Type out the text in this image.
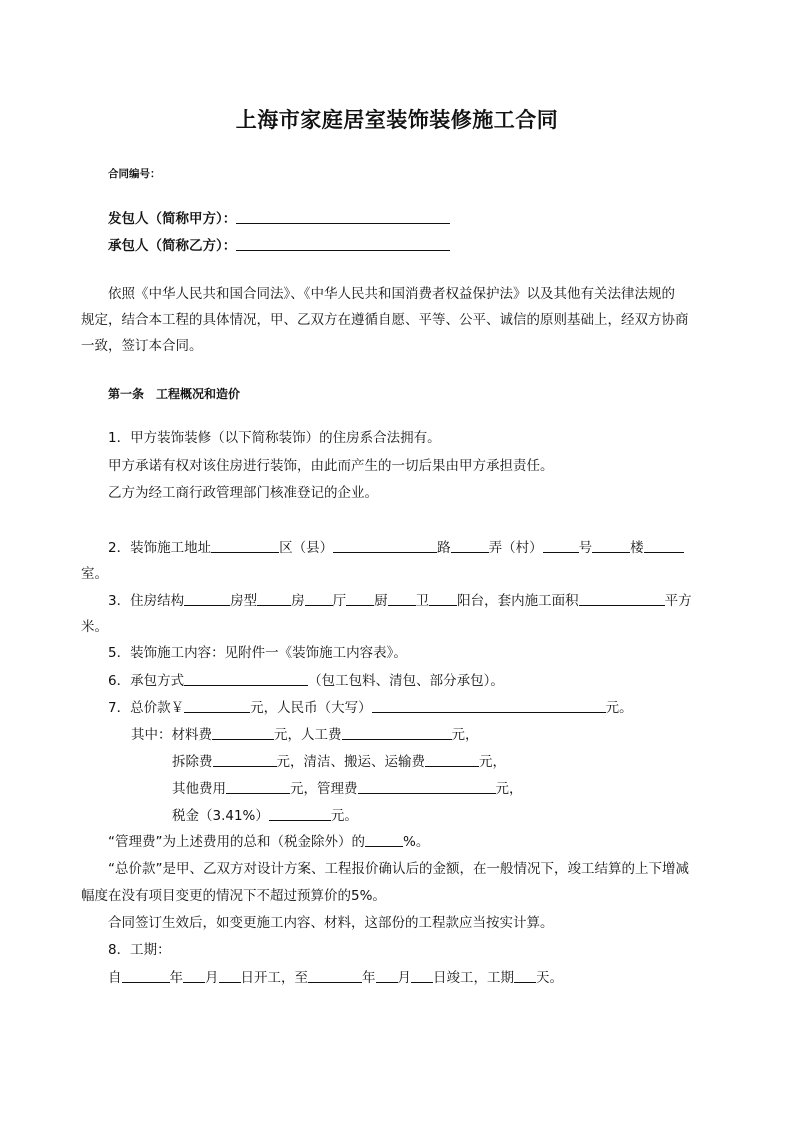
上海市家庭居室装饰装修施工合同
合同编号：
发包人（简称甲方）：
承包人（简称乙方）：
依照《中华人民共和国合同法》、《中华人民共和国消费者权益保护法》以及其他有关法律法规的
规定，结合本工程的具体情况，甲、乙双方在遵循自愿、平等、公平、诚信的原则基础上，经双方协商
一致，签订本合同。
第一条　工程概况和造价
1．甲方装饰装修（以下简称装饰）的住房系合法拥有。
甲方承诺有权对该住房进行装饰，由此而产生的一切后果由甲方承担责任。
乙方为经工商行政管理部门核准登记的企业。
2．装饰施工地址	区（县）	路	弄（村）	号	楼
室。
3．住房结构	房型	房 厅 厨 卫 阳台，套内施工面积	平方
米。
5．装饰施工内容：见附件一《装饰施工内容表》。
6．承包方式	（包工包料、清包、部分承包）。
7．总价款￥	元，人民币（大写）	元。
其中：材料费	元，人工费	元，
拆除费	元，清洁、搬运、运输费	元，
其他费用	元，管理费	元，
税金（3.41%）	元。
“管理费”为上述费用的总和（税金除外）的	%。
“总价款”是甲、乙双方对设计方案、工程报价确认后的金额，在一般情况下，竣工结算的上下增减
幅度在没有项目变更的情况下不超过预算价的5%。
合同签订生效后，如变更施工内容、材料，这部份的工程款应当按实计算。
8．工期：
自	年 月 日开工，至	年 月 日竣工，工期 天。
